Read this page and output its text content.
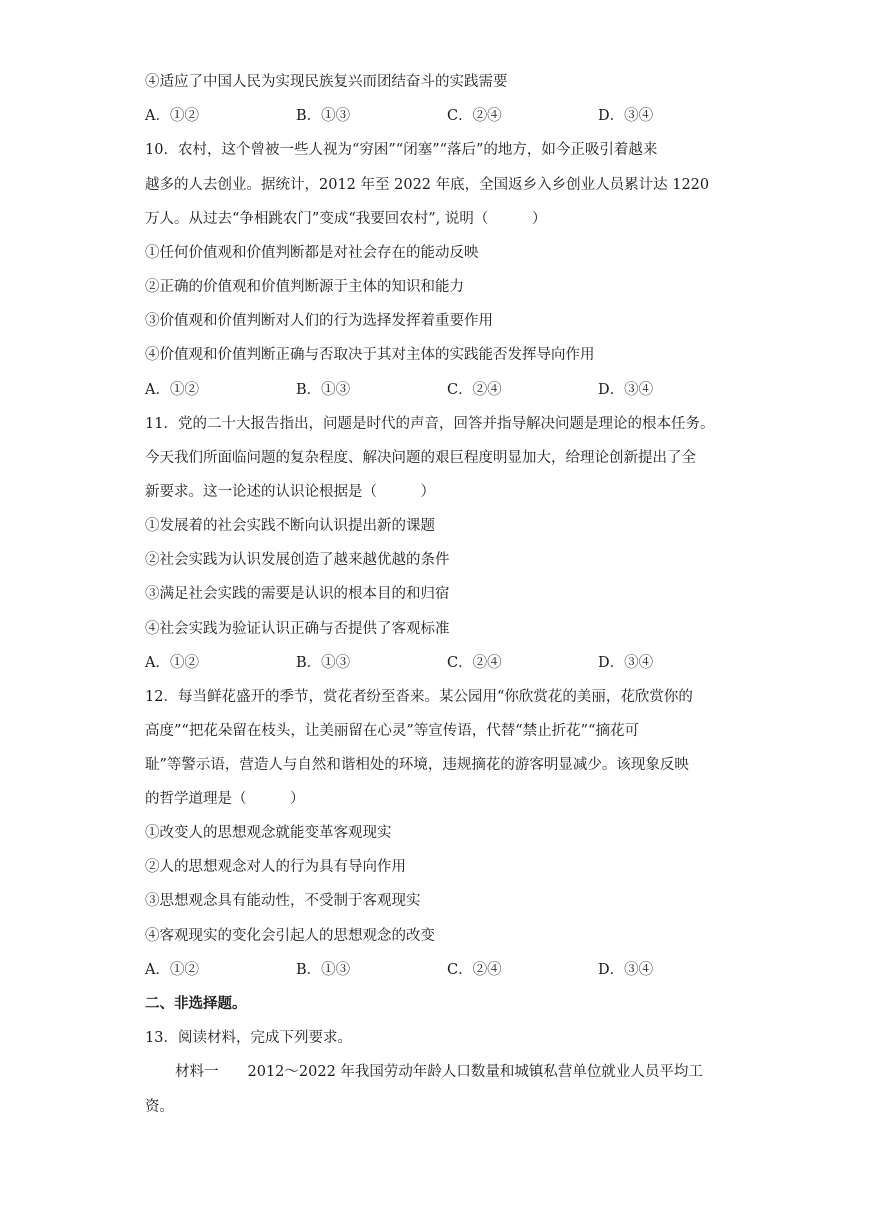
④适应了中国人民为实现民族复兴而团结奋斗的实践需要
A．①②	B．①③	C．②④	D．③④
10．农村，这个曾被一些人视为“穷困”“闭塞”“落后”的地方，如今正吸引着越来
越多的人去创业。据统计，2012 年至 2022 年底，全国返乡入乡创业人员累计达 1220
万人。从过去“争相跳农门”变成“我要回农村”, 说明（　　　）
①任何价值观和价值判断都是对社会存在的能动反映
②正确的价值观和价值判断源于主体的知识和能力
③价值观和价值判断对人们的行为选择发挥着重要作用
④价值观和价值判断正确与否取决于其对主体的实践能否发挥导向作用
A．①②	B．①③	C．②④	D．③④
11．党的二十大报告指出，问题是时代的声音，回答并指导解决问题是理论的根本任务。
今天我们所面临问题的复杂程度、解决问题的艰巨程度明显加大，给理论创新提出了全
新要求。这一论述的认识论根据是（　　　）
①发展着的社会实践不断向认识提出新的课题
②社会实践为认识发展创造了越来越优越的条件
③满足社会实践的需要是认识的根本目的和归宿
④社会实践为验证认识正确与否提供了客观标准
A．①②	B．①③	C．②④	D．③④
12．每当鲜花盛开的季节，赏花者纷至沓来。某公园用“你欣赏花的美丽，花欣赏你的
高度”“把花朵留在枝头，让美丽留在心灵”等宣传语，代替“禁止折花”“摘花可
耻”等警示语，营造人与自然和谐相处的环境，违规摘花的游客明显减少。该现象反映
的哲学道理是（　　　）
①改变人的思想观念就能变革客观现实
②人的思想观念对人的行为具有导向作用
③思想观念具有能动性，不受制于客观现实
④客观现实的变化会引起人的思想观念的改变
A．①②	B．①③	C．②④	D．③④
二、非选择题。
13．阅读材料，完成下列要求。
材料一　　2012～2022 年我国劳动年龄人口数量和城镇私营单位就业人员平均工
资。
